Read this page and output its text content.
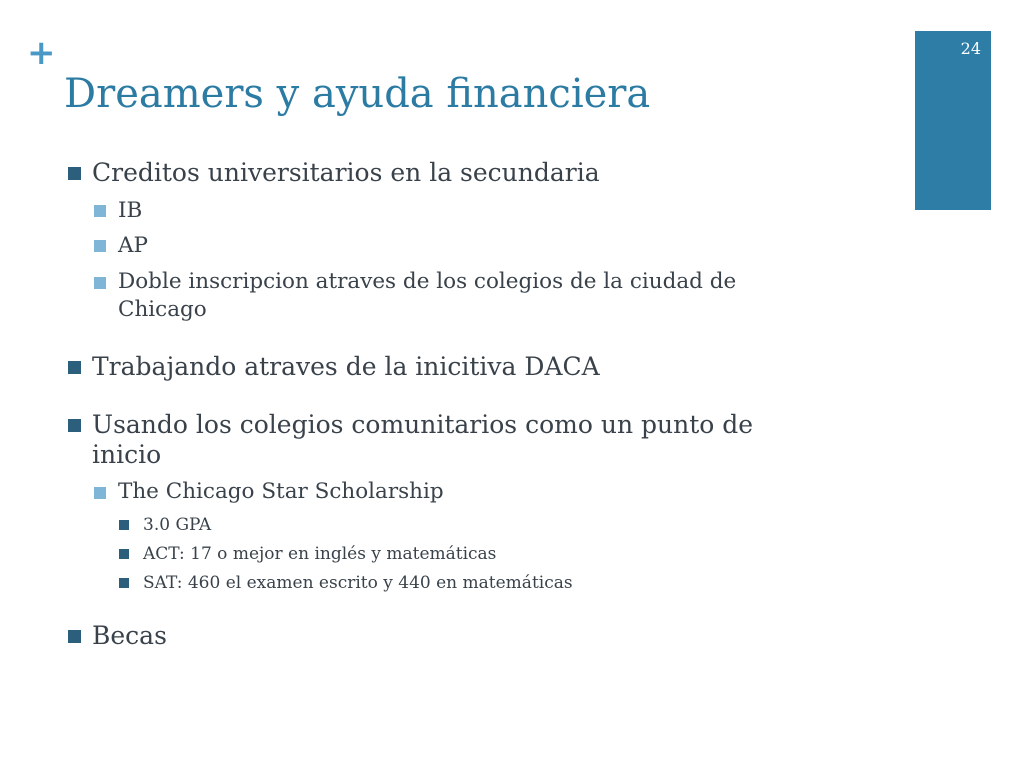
+
Dreamers y ayuda financiera
24
Creditos universitarios en la secundaria
IB
AP
Doble inscripcion atraves de los colegios de la ciudad de
Chicago
Trabajando atraves de la inicitiva DACA
Usando los colegios comunitarios como un punto de
inicio
The Chicago Star Scholarship
3.0 GPA
ACT: 17 o mejor en inglés y matemáticas
SAT: 460 el examen escrito y 440 en matemáticas
Becas
